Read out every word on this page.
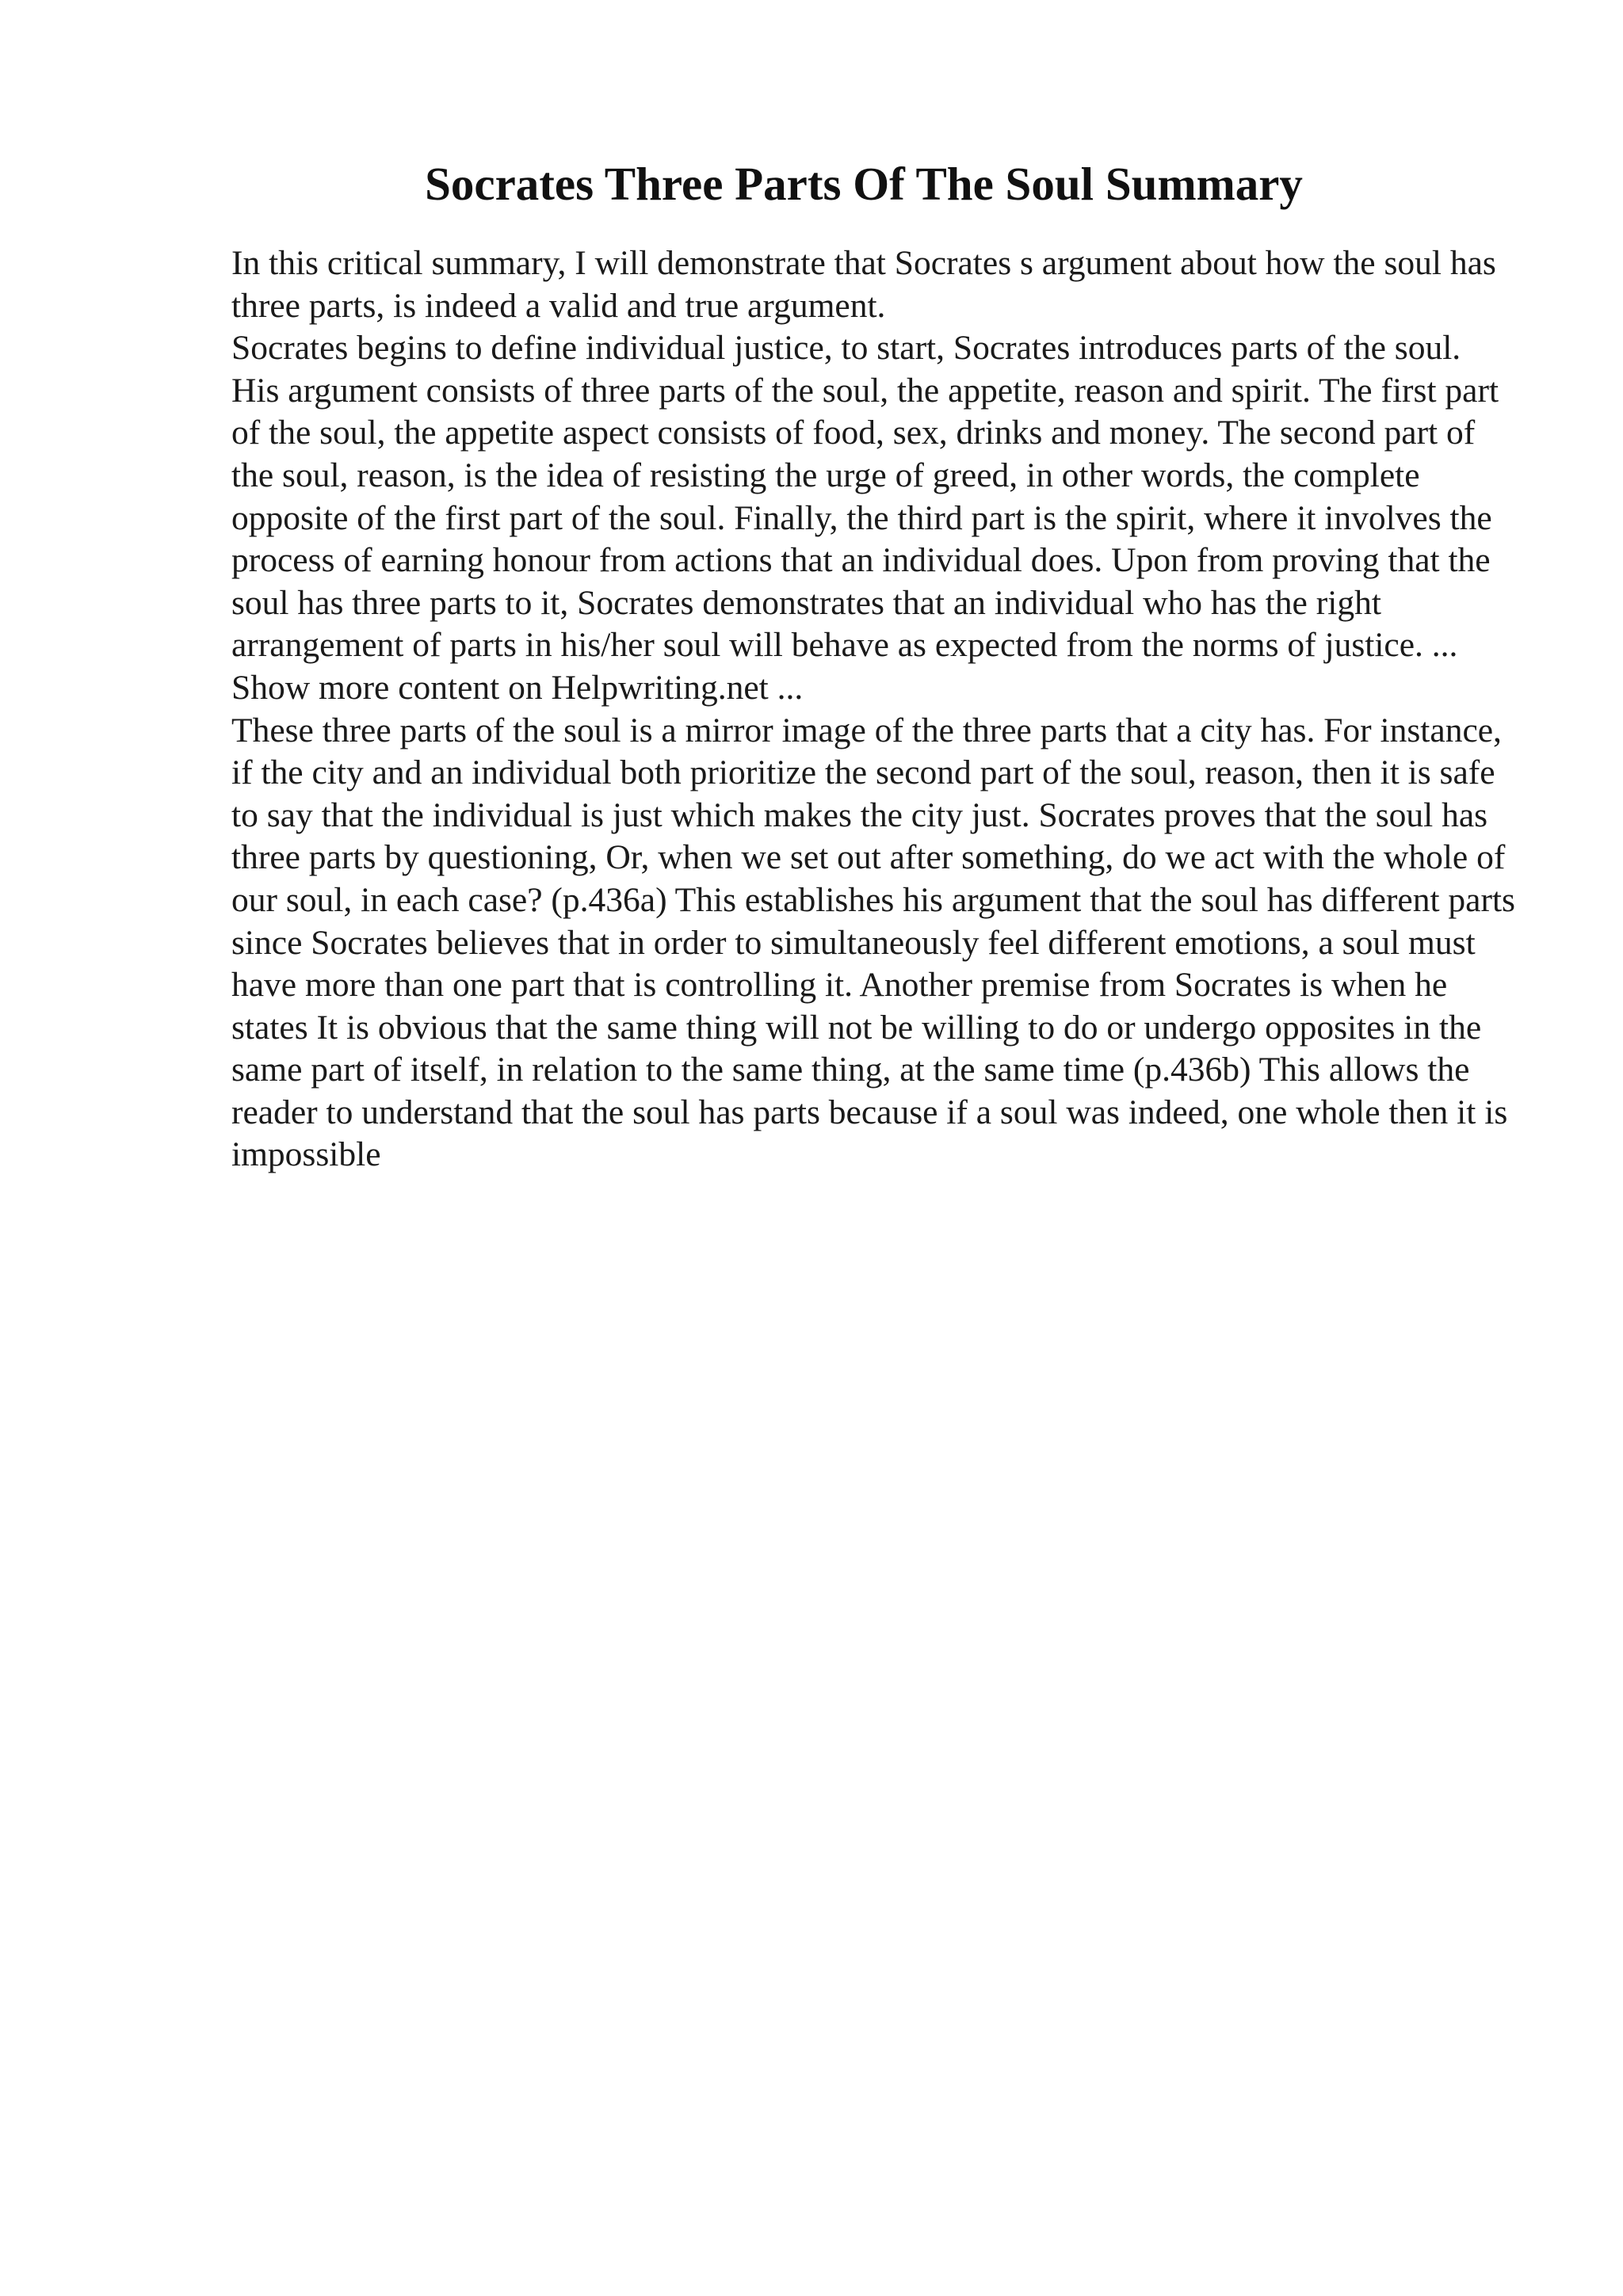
Socrates Three Parts Of The Soul Summary

In this critical summary, I will demonstrate that Socrates s argument about how the soul has three parts, is indeed a valid and true argument.

Socrates begins to define individual justice, to start, Socrates introduces parts of the soul. His argument consists of three parts of the soul, the appetite, reason and spirit. The first part of the soul, the appetite aspect consists of food, sex, drinks and money. The second part of the soul, reason, is the idea of resisting the urge of greed, in other words, the complete opposite of the first part of the soul. Finally, the third part is the spirit, where it involves the process of earning honour from actions that an individual does. Upon from proving that the soul has three parts to it, Socrates demonstrates that an individual who has the right arrangement of parts in his/her soul will behave as expected from the norms of justice. ... Show more content on Helpwriting.net ...

These three parts of the soul is a mirror image of the three parts that a city has. For instance, if the city and an individual both prioritize the second part of the soul, reason, then it is safe to say that the individual is just which makes the city just. Socrates proves that the soul has three parts by questioning, Or, when we set out after something, do we act with the whole of our soul, in each case? (p.436a) This establishes his argument that the soul has different parts since Socrates believes that in order to simultaneously feel different emotions, a soul must have more than one part that is controlling it. Another premise from Socrates is when he states It is obvious that the same thing will not be willing to do or undergo opposites in the same part of itself, in relation to the same thing, at the same time (p.436b) This allows the reader to understand that the soul has parts because if a soul was indeed, one whole then it is impossible
